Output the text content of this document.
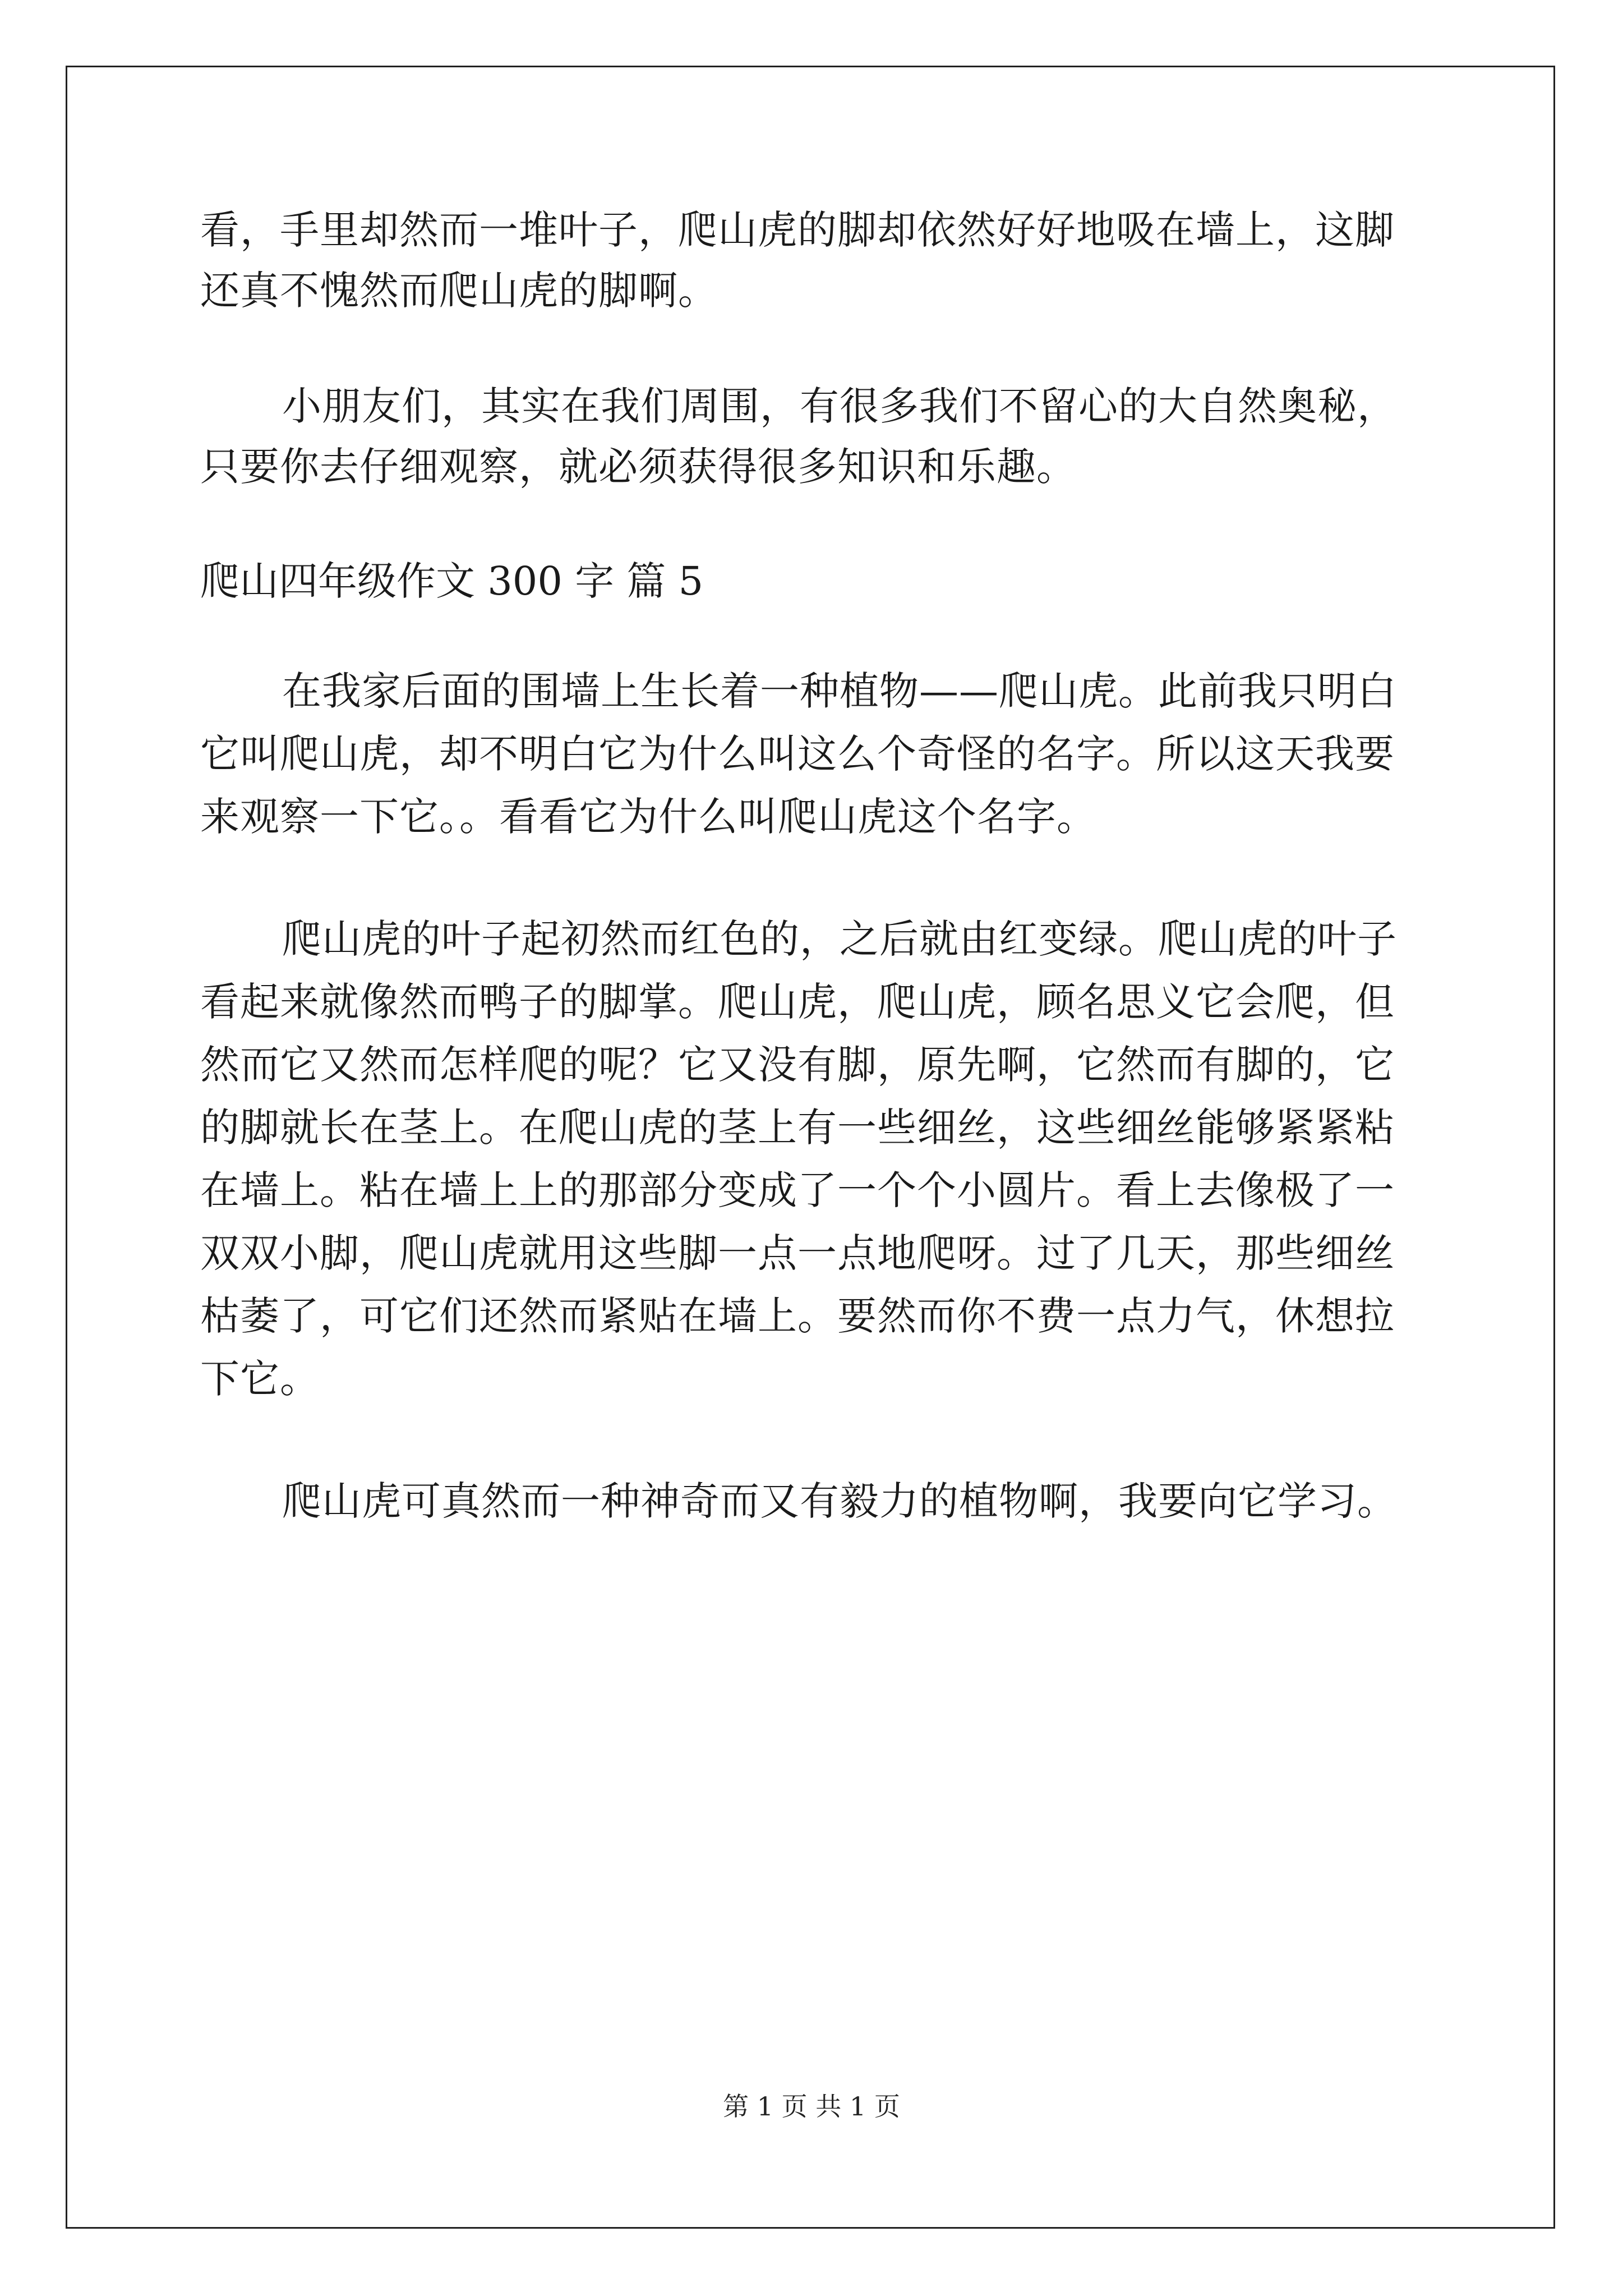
看，手里却然而一堆叶子，爬山虎的脚却依然好好地吸在墙上，这脚

还真不愧然而爬山虎的脚啊。

小朋友们，其实在我们周围，有很多我们不留心的大自然奥秘，

只要你去仔细观察，就必须获得很多知识和乐趣。

爬山四年级作文 300 字 篇 5

在我家后面的围墙上生长着一种植物——爬山虎。此前我只明白

它叫爬山虎，却不明白它为什么叫这么个奇怪的名字。所以这天我要

来观察一下它。。看看它为什么叫爬山虎这个名字。

爬山虎的叶子起初然而红色的，之后就由红变绿。爬山虎的叶子

看起来就像然而鸭子的脚掌。爬山虎，爬山虎，顾名思义它会爬，但

然而它又然而怎样爬的呢？它又没有脚，原先啊，它然而有脚的，它

的脚就长在茎上。在爬山虎的茎上有一些细丝，这些细丝能够紧紧粘

在墙上。粘在墙上上的那部分变成了一个个小圆片。看上去像极了一

双双小脚，爬山虎就用这些脚一点一点地爬呀。过了几天，那些细丝

枯萎了，可它们还然而紧贴在墙上。要然而你不费一点力气，休想拉

下它。

爬山虎可真然而一种神奇而又有毅力的植物啊，我要向它学习。

第 1 页 共 1 页
